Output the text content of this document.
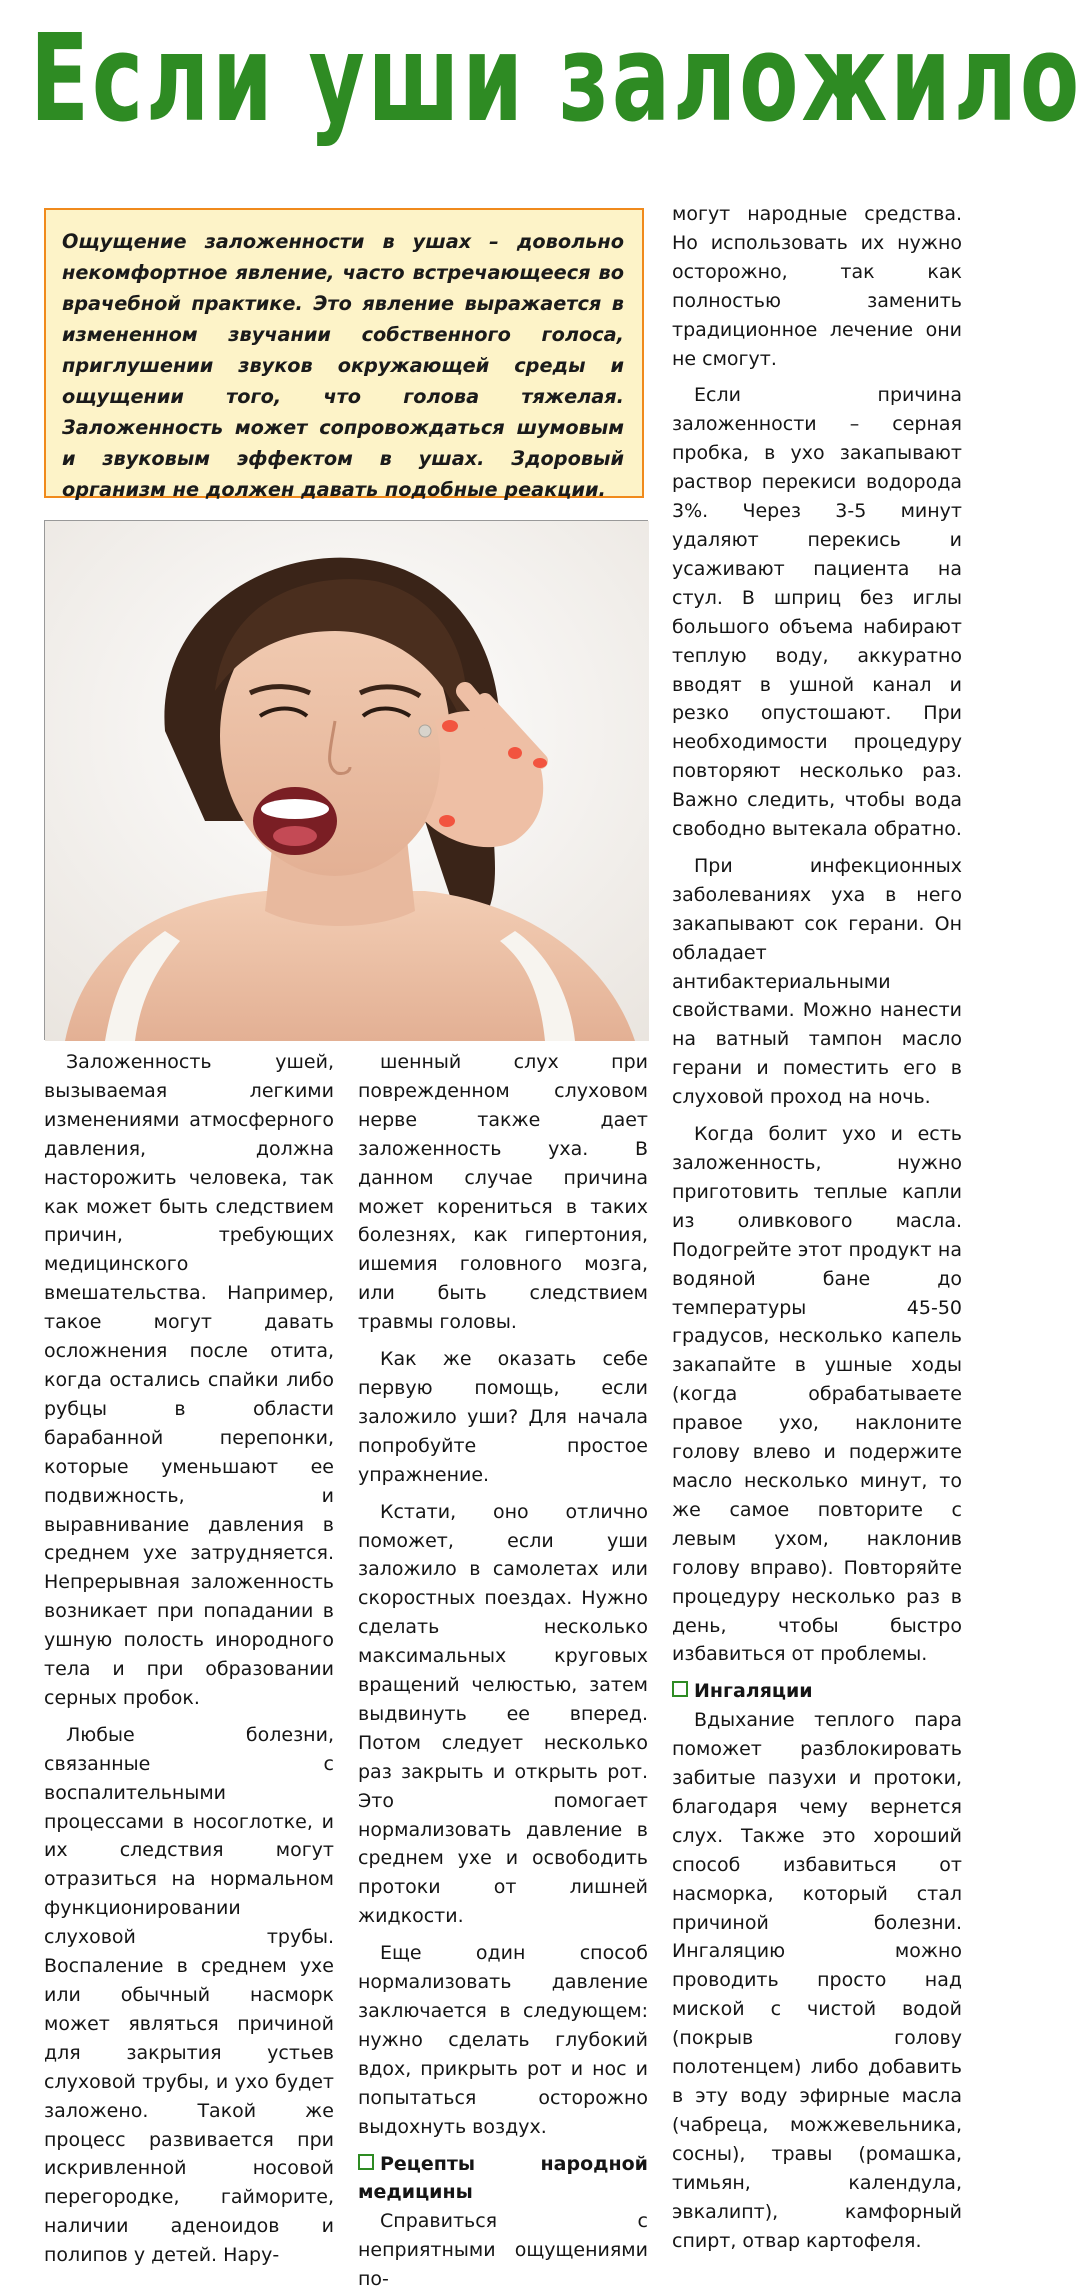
Если уши заложило
Ощущение заложенности в ушах – довольно некомфортное явление, часто встречающееся во врачебной практике. Это явление выражается в измененном звучании собственного голоса, приглушении звуков окружающей среды и ощущении того, что голова тяжелая. Заложенность может сопровождаться шумовым и звуковым эффектом в ушах. Здоровый организм не должен давать подобные реакции.

Заложенность ушей, вызываемая легкими изменениями атмосферного давления, должна насторожить человека, так как может быть следствием причин, требующих медицинского вмешательства. Например, такое могут давать осложнения после отита, когда остались спайки либо рубцы в области барабанной перепонки, которые уменьшают ее подвижность, и выравнивание давления в среднем ухе затрудняется. Непрерывная заложенность возникает при попадании в ушную полость инородного тела и при образовании серных пробок.

Любые болезни, связанные с воспалительными процессами в носоглотке, и их следствия могут отразиться на нормальном функционировании слуховой трубы. Воспаление в среднем ухе или обычный насморк может являться причиной для закрытия устьев слуховой трубы, и ухо будет заложено. Такой же процесс развивается при искривленной носовой перегородке, гайморите, наличии аденоидов и полипов у детей. Нару-

шенный слух при поврежденном слуховом нерве также дает заложенность уха. В данном случае причина может корениться в таких болезнях, как гипертония, ишемия головного мозга, или быть следствием травмы головы.

Как же оказать себе первую помощь, если заложило уши? Для начала попробуйте простое упражнение.

Кстати, оно отлично поможет, если уши заложило в самолетах или скоростных поездах. Нужно сделать несколько максимальных круговых вращений челюстью, затем выдвинуть ее вперед. Потом следует несколько раз закрыть и открыть рот. Это помогает нормализовать давление в среднем ухе и освободить протоки от лишней жидкости.

Еще один способ нормализовать давление заключается в следующем: нужно сделать глубокий вдох, прикрыть рот и нос и попытаться осторожно выдохнуть воздух.

Рецепты народной медицины

Справиться с неприятными ощущениями по-

могут народные средства. Но использовать их нужно осторожно, так как полностью заменить традиционное лечение они не смогут.

Если причина заложенности – серная пробка, в ухо закапывают раствор перекиси водорода 3%. Через 3-5 минут удаляют перекись и усаживают пациента на стул. В шприц без иглы большого объема набирают теплую воду, аккуратно вводят в ушной канал и резко опустошают. При необходимости процедуру повторяют несколько раз. Важно следить, чтобы вода свободно вытекала обратно.

При инфекционных заболеваниях уха в него закапывают сок герани. Он обладает антибактериальными свойствами. Можно нанести на ватный тампон масло герани и поместить его в слуховой проход на ночь.

Когда болит ухо и есть заложенность, нужно приготовить теплые капли из оливкового масла. Подогрейте этот продукт на водяной бане до температуры 45-50 градусов, несколько капель закапайте в ушные ходы (когда обрабатываете правое ухо, наклоните голову влево и подержите масло несколько минут, то же самое повторите с левым ухом, наклонив голову вправо). Повторяйте процедуру несколько раз в день, чтобы быстро избавиться от проблемы.

Ингаляции

Вдыхание теплого пара поможет разблокировать забитые пазухи и протоки, благодаря чему вернется слух. Также это хороший способ избавиться от насморка, который стал причиной болезни. Ингаляцию можно проводить просто над миской с чистой водой (покрыв голову полотенцем) либо добавить в эту воду эфирные масла (чабреца, можжевельника, сосны), травы (ромашка, тимьян, календула, эвкалипт), камфорный спирт, отвар картофеля.
